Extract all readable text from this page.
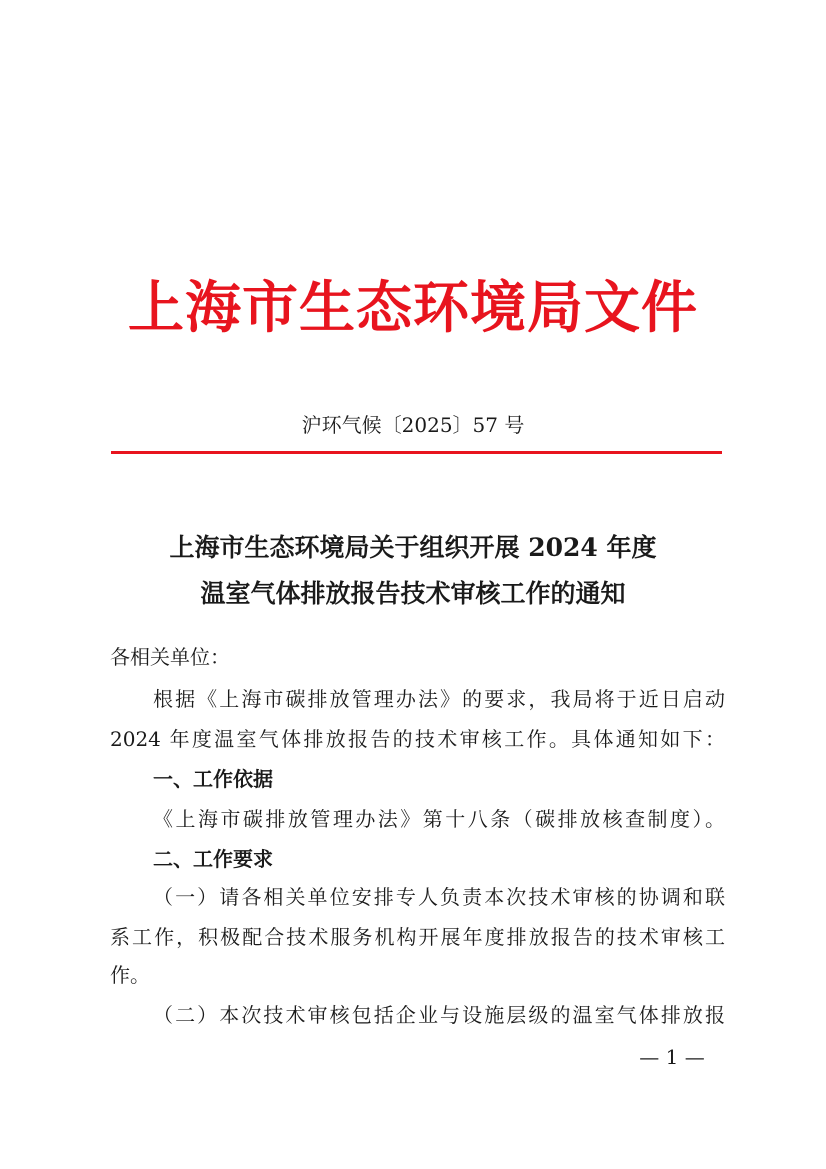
上海市生态环境局文件
沪环气候〔2025〕57 号
上海市生态环境局关于组织开展 2024 年度
温室气体排放报告技术审核工作的通知
各相关单位：
根据《上海市碳排放管理办法》的要求，我局将于近日启动
2024 年度温室气体排放报告的技术审核工作。具体通知如下：
一、工作依据
《上海市碳排放管理办法》第十八条（碳排放核查制度）。
二、工作要求
（一）请各相关单位安排专人负责本次技术审核的协调和联
系工作，积极配合技术服务机构开展年度排放报告的技术审核工
作。
（二）本次技术审核包括企业与设施层级的温室气体排放报
— 1 —
